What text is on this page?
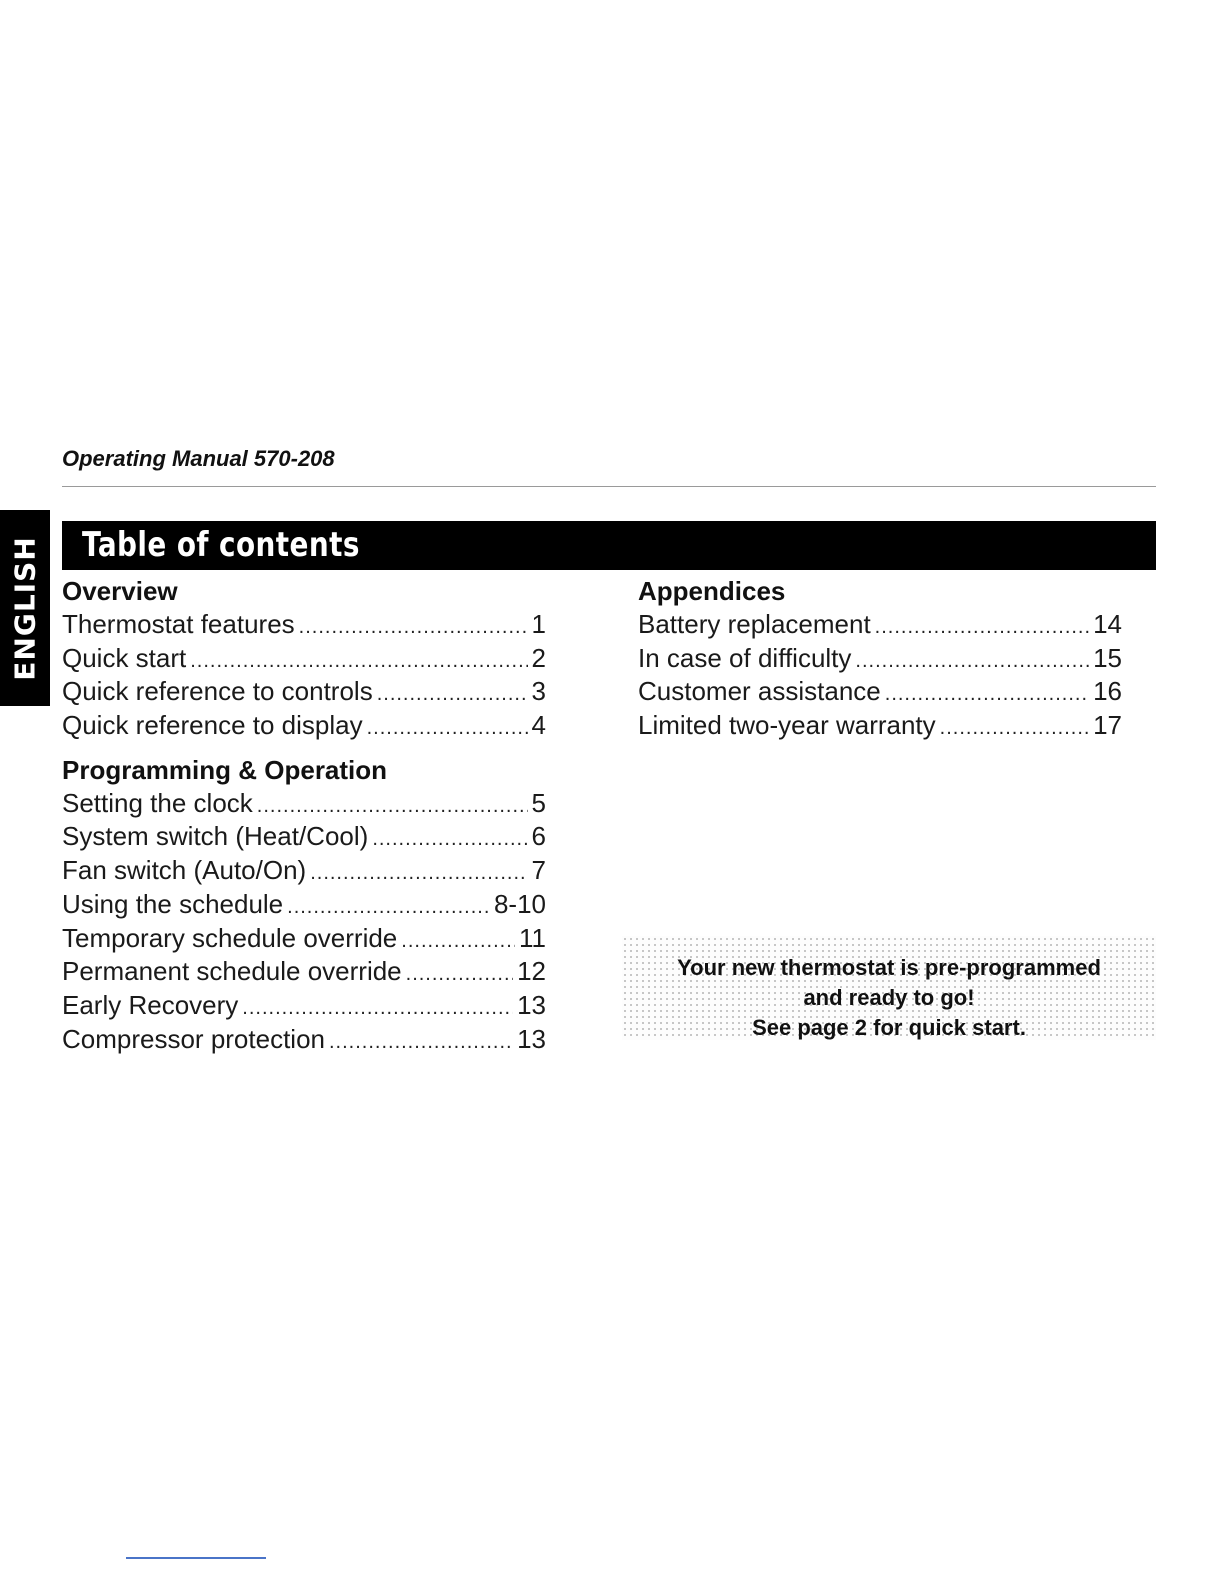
Operating Manual 570-208
ENGLISH Table of contents
Overview
Thermostat features .....	1
Quick start .....	2
Quick reference to controls .....	3
Quick reference to display .....	4
Programming & Operation
Setting the clock .....	5
System switch (Heat/Cool) .....	6
Fan switch (Auto/On) .....	7
Using the schedule .....	8-10
Temporary schedule override .....	11
Permanent schedule override .....	12
Early Recovery .....	13
Compressor protection .....	13
Appendices
Battery replacement .....	14
In case of difficulty .....	15
Customer assistance .....	16
Limited two-year warranty .....	17
Your new thermostat is pre-programmed
and ready to go!
See page 2 for quick start.
